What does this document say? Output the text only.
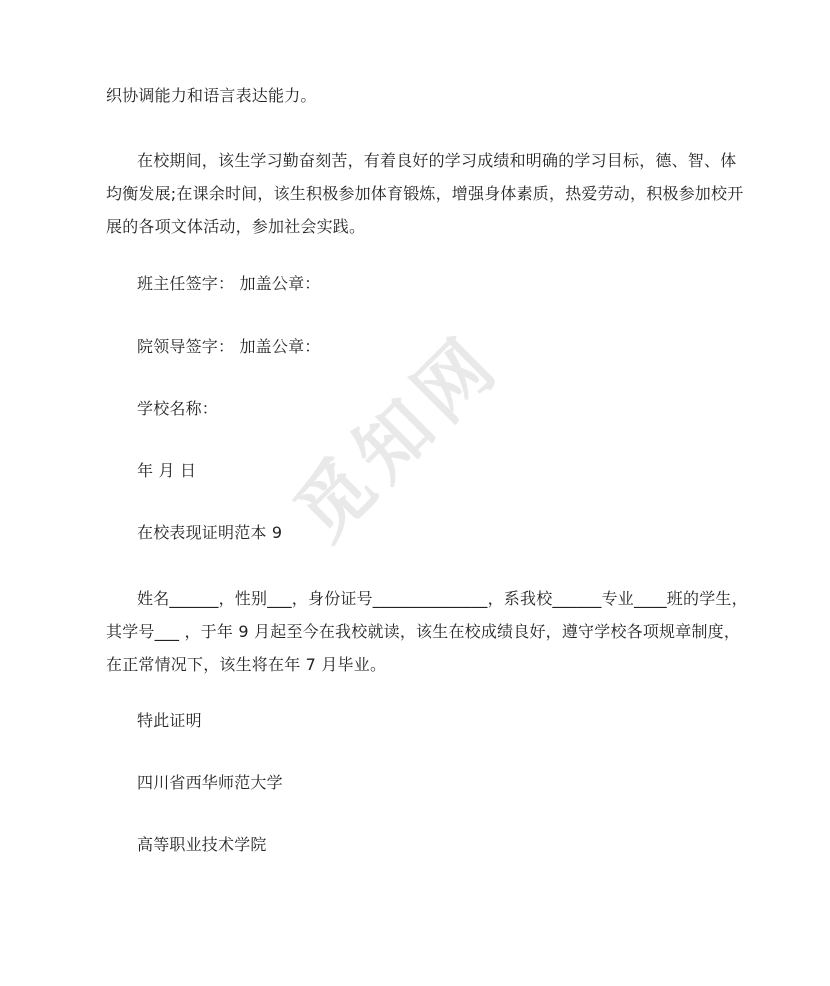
觅知网
织协调能力和语言表达能力。
在校期间，该生学习勤奋刻苦，有着良好的学习成绩和明确的学习目标，德、智、体
均衡发展;在课余时间，该生积极参加体育锻炼，增强身体素质，热爱劳动，积极参加校开
展的各项文体活动，参加社会实践。
班主任签字： 加盖公章：
院领导签字： 加盖公章：
学校名称：
年 月 日
在校表现证明范本 9
姓名______，性别___，身份证号______________，系我校______专业____班的学生，
其学号___ ，于年 9 月起至今在我校就读，该生在校成绩良好，遵守学校各项规章制度，
在正常情况下，该生将在年 7 月毕业。
特此证明
四川省西华师范大学
高等职业技术学院
